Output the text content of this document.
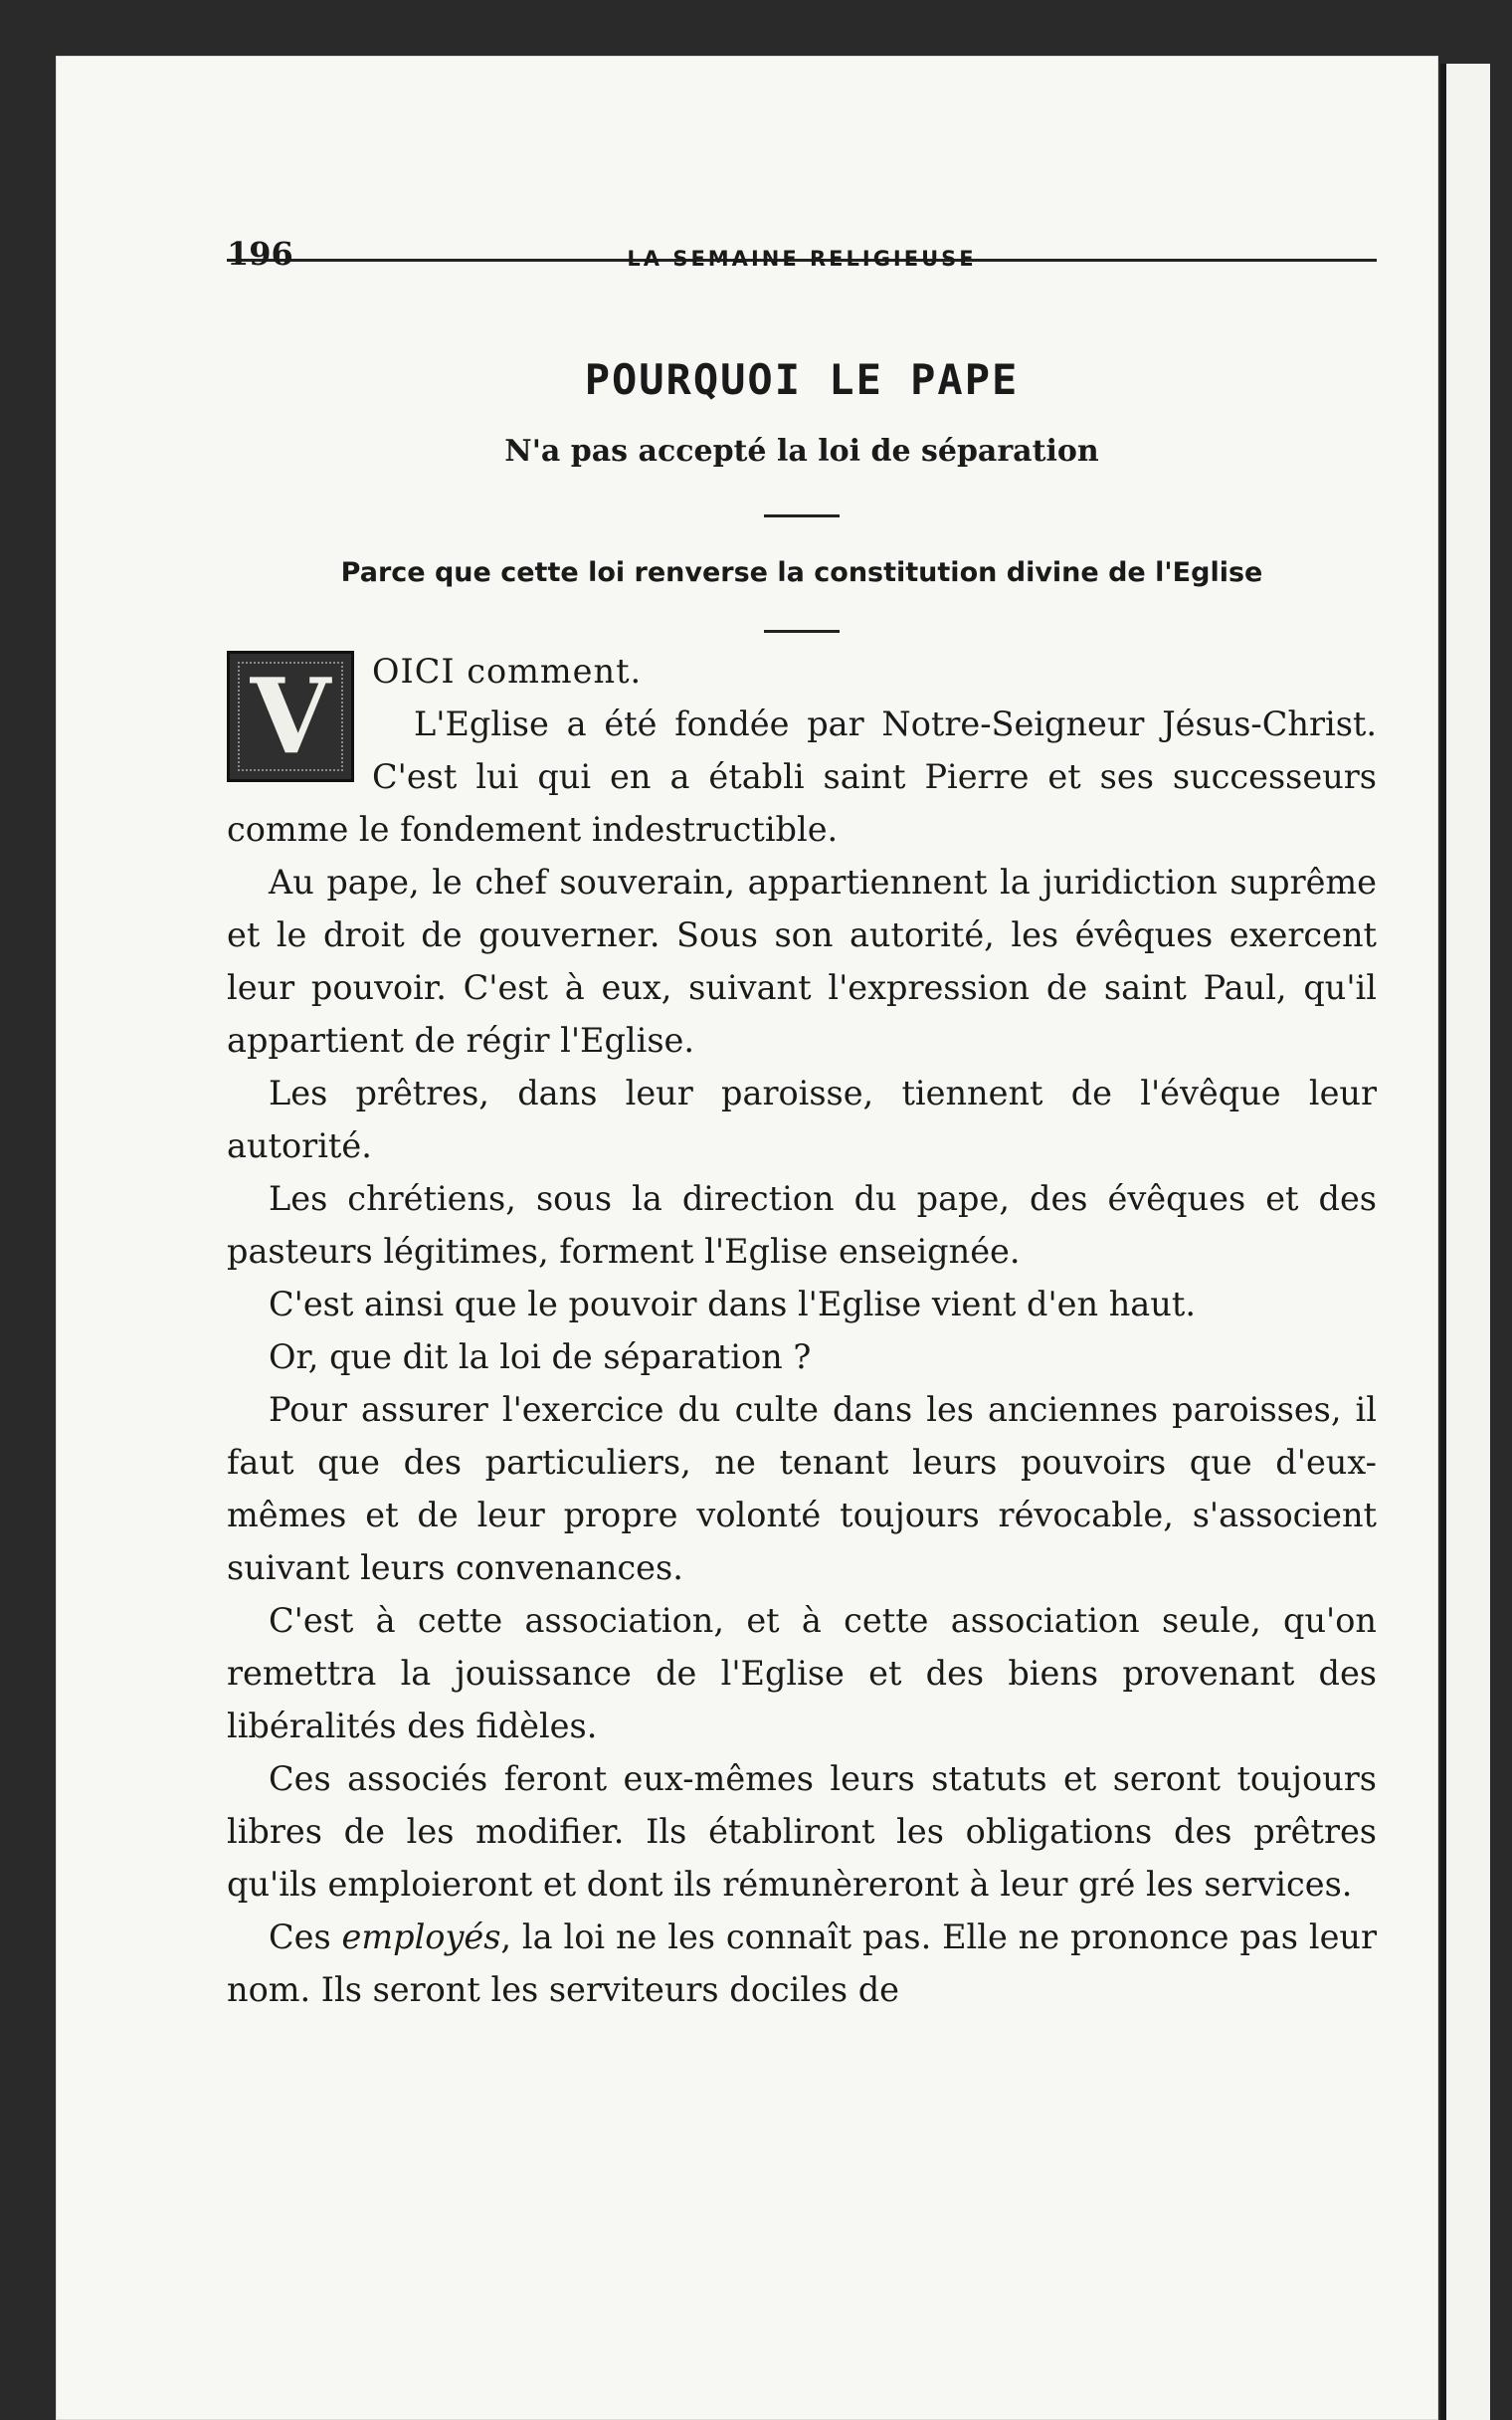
196	LA SEMAINE RELIGIEUSE
POURQUOI LE PAPE
N'a pas accepté la loi de séparation
Parce que cette loi renverse la constitution divine de l'Eglise
V	OICI comment.

L'Eglise a été fondée par Notre-Seigneur Jésus-Christ. C'est lui qui en a établi saint Pierre et ses successeurs comme le fondement indestructible.

Au pape, le chef souverain, appartiennent la juridiction suprême et le droit de gouverner. Sous son autorité, les évêques exercent leur pouvoir. C'est à eux, suivant l'expression de saint Paul, qu'il appartient de régir l'Eglise.

Les prêtres, dans leur paroisse, tiennent de l'évêque leur autorité.

Les chrétiens, sous la direction du pape, des évêques et des pasteurs légitimes, forment l'Eglise enseignée.

C'est ainsi que le pouvoir dans l'Eglise vient d'en haut.

Or, que dit la loi de séparation ?

Pour assurer l'exercice du culte dans les anciennes paroisses, il faut que des particuliers, ne tenant leurs pouvoirs que d'eux-mêmes et de leur propre volonté toujours révocable, s'associent suivant leurs convenances.

C'est à cette association, et à cette association seule, qu'on remettra la jouissance de l'Eglise et des biens provenant des libéralités des fidèles.

Ces associés feront eux-mêmes leurs statuts et seront toujours libres de les modifier. Ils établiront les obligations des prêtres qu'ils emploieront et dont ils rémunèreront à leur gré les services.

Ces employés, la loi ne les connaît pas. Elle ne prononce pas leur nom. Ils seront les serviteurs dociles de
